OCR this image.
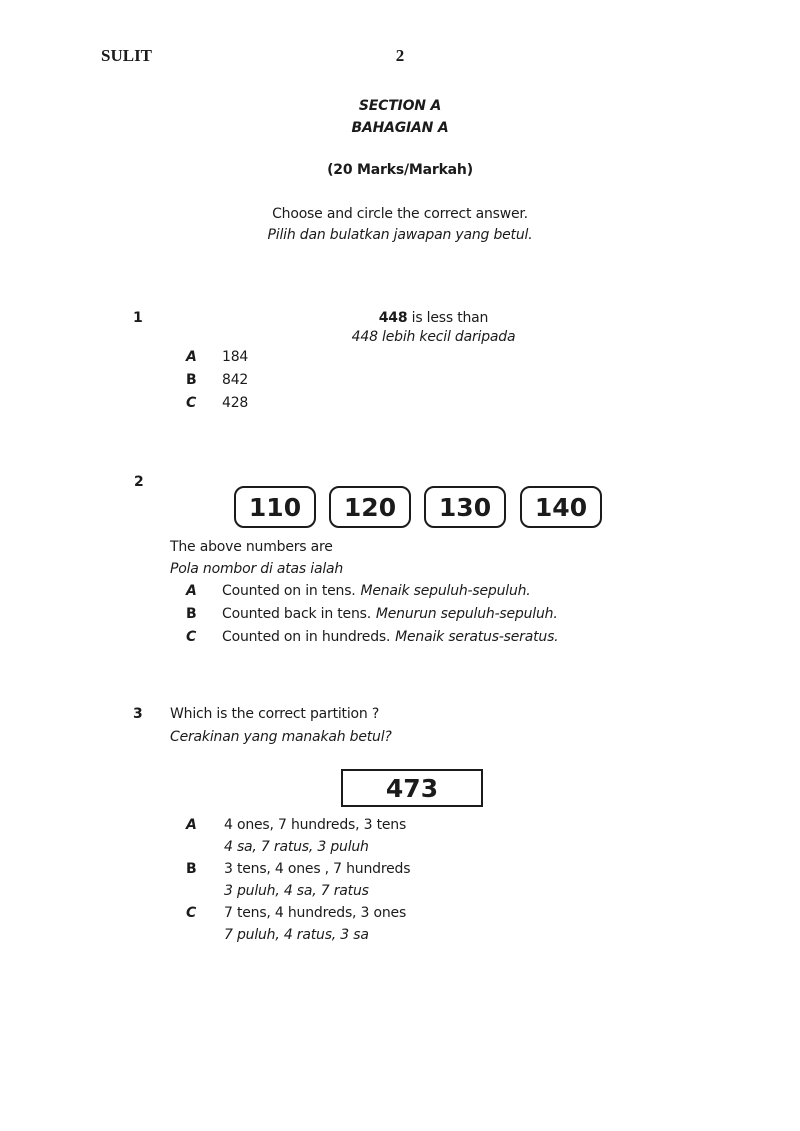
SULIT	2
SECTION A
BAHAGIAN A
(20 Marks/Markah)
Choose and circle the correct answer.
Pilih dan bulatkan jawapan yang betul.
1	448 is less than
448 lebih kecil daripada
A 184
B 842
C 428
2
110	120	130	140
The above numbers are
Pola nombor di atas ialah
A Counted on in tens. Menaik sepuluh-sepuluh.
B Counted back in tens. Menurun sepuluh-sepuluh.
C Counted on in hundreds. Menaik seratus-seratus.
3 Which is the correct partition ?
Cerakinan yang manakah betul?
473
A 4 ones, 7 hundreds, 3 tens
4 sa, 7 ratus, 3 puluh
B 3 tens, 4 ones , 7 hundreds
3 puluh, 4 sa, 7 ratus
C 7 tens, 4 hundreds, 3 ones
7 puluh, 4 ratus, 3 sa
